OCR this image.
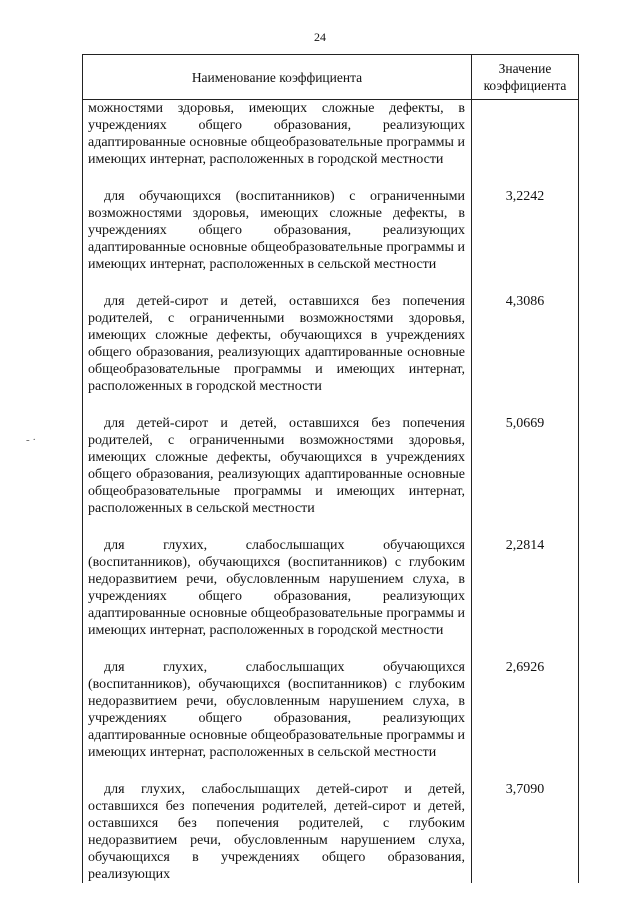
24
Наименование коэффициента	Значение
коэффициента

можностями здоровья, имеющих сложные дефекты, в учреждениях общего образования, реализующих адаптированные основные общеобразовательные программы и имеющих интернат, расположенных в городской местности	

для обучающихся (воспитанников) с ограниченными возможностями здоровья, имеющих сложные дефекты, в учреждениях общего образования, реализующих адаптированные основные общеобразовательные программы и имеющих интернат, расположенных в сельской местности	3,2242

для детей-сирот и детей, оставшихся без попечения родителей, с ограниченными возможностями здоровья, имеющих сложные дефекты, обучающихся в учреждениях общего образования, реализующих адаптированные основные общеобразовательные программы и имеющих интернат, расположенных в городской местности	4,3086

для детей-сирот и детей, оставшихся без попечения родителей, с ограниченными возможностями здоровья, имеющих сложные дефекты, обучающихся в учреждениях общего образования, реализующих адаптированные основные общеобразовательные программы и имеющих интернат, расположенных в сельской местности	5,0669

для глухих, слабослышащих обучающихся (воспитанников), обучающихся (воспитанников) с глубоким недоразвитием речи, обусловленным нарушением слуха, в учреждениях общего образования, реализующих адаптированные основные общеобразовательные программы и имеющих интернат, расположенных в городской местности	2,2814

для глухих, слабослышащих обучающихся (воспитанников), обучающихся (воспитанников) с глубоким недоразвитием речи, обусловленным нарушением слуха, в учреждениях общего образования, реализующих адаптированные основные общеобразовательные программы и имеющих интернат, расположенных в сельской местности	2,6926

для глухих, слабослышащих детей-сирот и детей, оставшихся без попечения родителей, детей-сирот и детей, оставшихся без попечения родителей, с глубоким недоразвитием речи, обусловленным нарушением слуха, обучающихся в учреждениях общего образования, реализующих	3,7090
- ·
